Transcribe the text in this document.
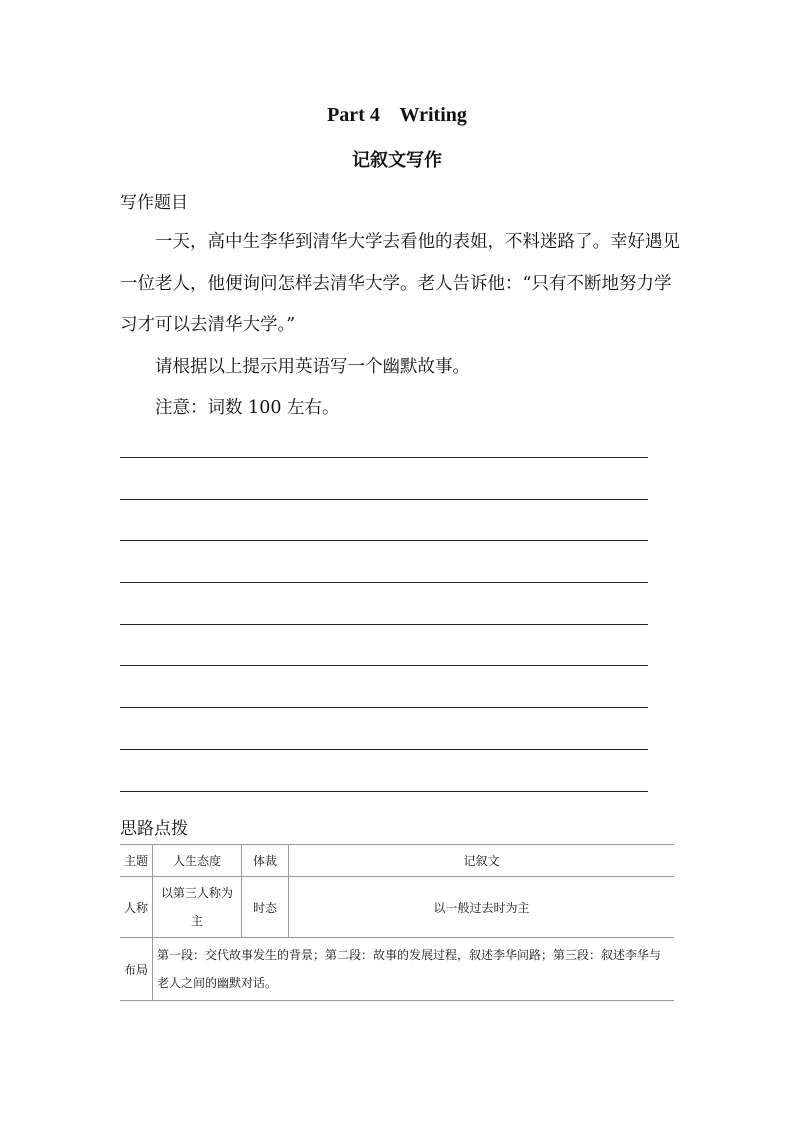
Part 4    Writing
记叙文写作
写作题目

一天，高中生李华到清华大学去看他的表姐，不料迷路了。幸好遇见一位老人，他便询问怎样去清华大学。老人告诉他：“只有不断地努力学习才可以去清华大学。”

请根据以上提示用英语写一个幽默故事。

注意：词数 100 左右。

思路点拨
主题	人生态度	体裁	记叙文
人称	以第三人称为主	时态	以一般过去时为主
布局	第一段：交代故事发生的背景；第二段：故事的发展过程，叙述李华问路；第三段：叙述李华与老人之间的幽默对话。		
